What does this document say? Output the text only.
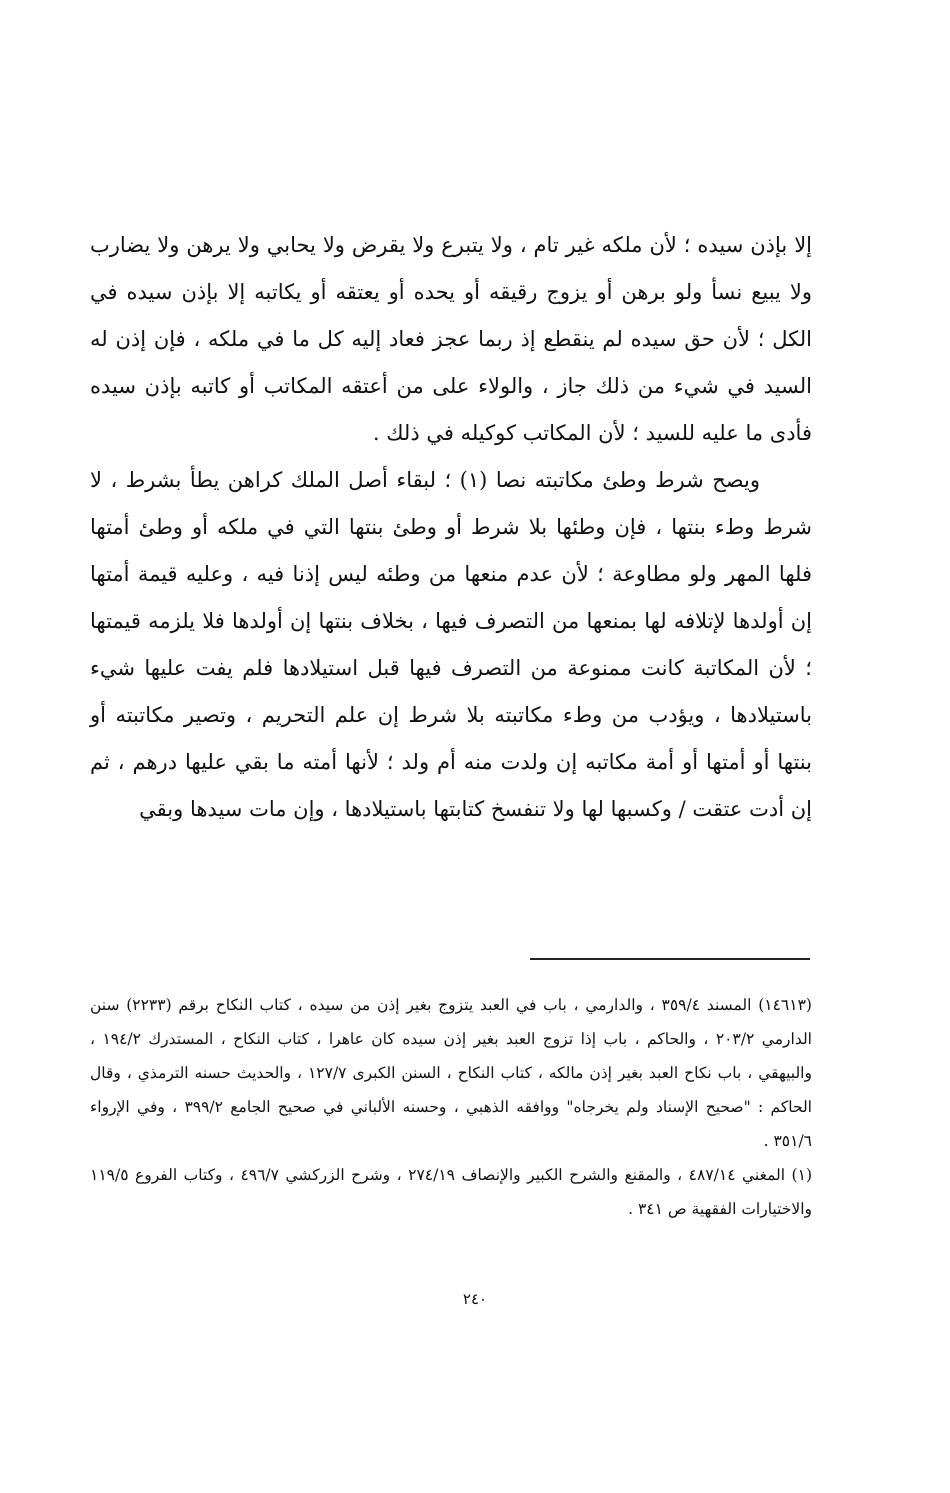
إلا بإذن سيده ؛ لأن ملكه غير تام ، ولا يتبرع ولا يقرض ولا يحابي ولا يرهن ولا يضارب ولا يبيع نسأ ولو برهن أو يزوج رقيقه أو يحده أو يعتقه أو يكاتبه إلا بإذن سيده في الكل ؛ لأن حق سيده لم ينقطع إذ ربما عجز فعاد إليه كل ما في ملكه ، فإن إذن له السيد في شيء من ذلك جاز ، والولاء على من أعتقه المكاتب أو كاتبه بإذن سيده فأدى ما عليه للسيد ؛ لأن المكاتب كوكيله في ذلك .

ويصح شرط وطئ مكاتبته نصا (١) ؛ لبقاء أصل الملك كراهن يطأ بشرط ، لا شرط وطء بنتها ، فإن وطئها بلا شرط أو وطئ بنتها التي في ملكه أو وطئ أمتها فلها المهر ولو مطاوعة ؛ لأن عدم منعها من وطئه ليس إذنا فيه ، وعليه قيمة أمتها إن أولدها لإتلافه لها بمنعها من التصرف فيها ، بخلاف بنتها إن أولدها فلا يلزمه قيمتها ؛ لأن المكاتبة كانت ممنوعة من التصرف فيها قبل استيلادها فلم يفت عليها شيء باستيلادها ، ويؤدب من وطء مكاتبته بلا شرط إن علم التحريم ، وتصير مكاتبته أو بنتها أو أمتها أو أمة مكاتبه إن ولدت منه أم ولد ؛ لأنها أمته ما بقي عليها درهم ، ثم إن أدت عتقت / وكسبها لها ولا تنفسخ كتابتها باستيلادها ، وإن مات سيدها وبقي

(١٤٦١٣) المسند ٣٥٩/٤ ، والدارمي ، باب في العبد يتزوج بغير إذن من سيده ، كتاب النكاح برقم (٢٢٣٣) سنن الدارمي ٢٠٣/٢ ، والحاكم ، باب إذا تزوج العبد بغير إذن سيده كان عاهرا ، كتاب النكاح ، المستدرك ١٩٤/٢ ، والبيهقي ، باب نكاح العبد بغير إذن مالكه ، كتاب النكاح ، السنن الكبرى ١٢٧/٧ ، والحديث حسنه الترمذي ، وقال الحاكم : "صحيح الإسناد ولم يخرجاه" ووافقه الذهبي ، وحسنه الألباني في صحيح الجامع ٣٩٩/٢ ، وفي الإرواء ٣٥١/٦ .

(١) المغني ٤٨٧/١٤ ، والمقنع والشرح الكبير والإنصاف ٢٧٤/١٩ ، وشرح الزركشي ٤٩٦/٧ ، وكتاب الفروع ١١٩/٥ والاختيارات الفقهية ص ٣٤١ .

٢٤٠
